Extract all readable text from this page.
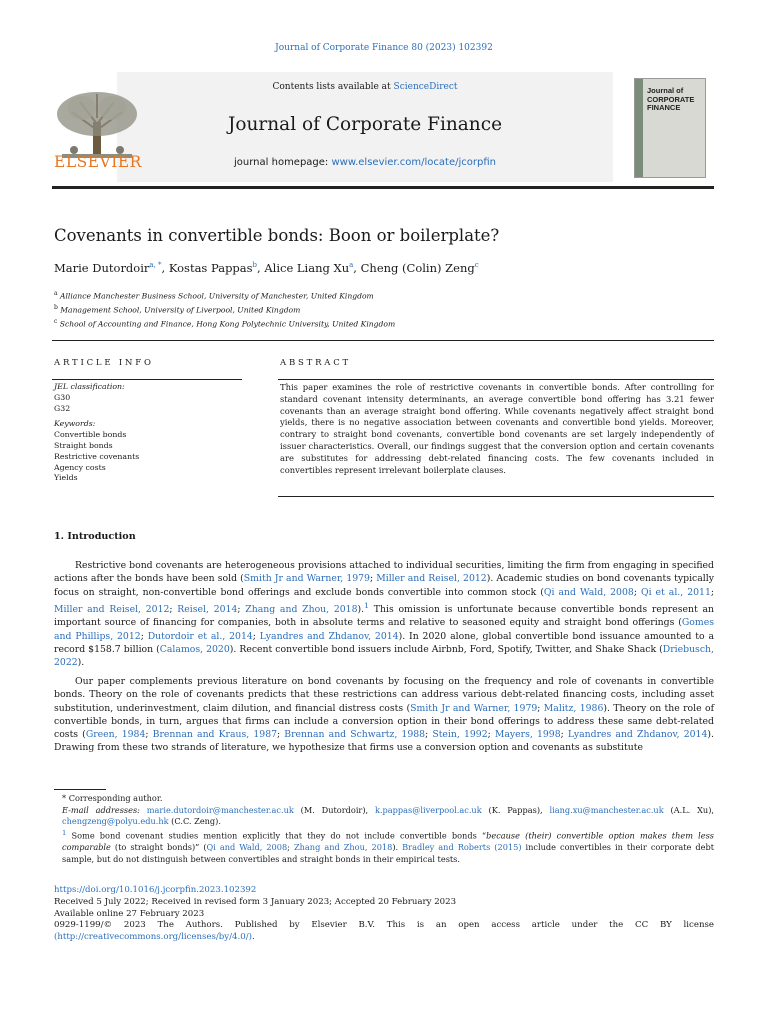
Journal of Corporate Finance 80 (2023) 102392
Contents lists available at ScienceDirect
Journal of Corporate Finance
journal homepage: www.elsevier.com/locate/jcorpfin
ELSEVIER
Journal of CORPORATE FINANCE
Covenants in convertible bonds: Boon or boilerplate?
Marie Dutordoir$^{a, *}$, Kostas Pappas$^b$, Alice Liang Xu$^a$, Cheng (Colin) Zeng$^c$
$^a$ Alliance Manchester Business School, University of Manchester, United Kingdom
$^b$ Management School, University of Liverpool, United Kingdom
$^c$ School of Accounting and Finance, Hong Kong Polytechnic University, United Kingdom
ARTICLE INFO	ABSTRACT
JEL classification:
G30
G32
Keywords:
Convertible bonds
Straight bonds
Restrictive covenants
Agency costs
Yields
This paper examines the role of restrictive covenants in convertible bonds. After controlling for standard covenant intensity determinants, an average convertible bond offering has 3.21 fewer covenants than an average straight bond offering. While covenants negatively affect straight bond yields, there is no negative association between covenants and convertible bond yields. Moreover, contrary to straight bond covenants, convertible bond covenants are set largely independently of issuer characteristics. Overall, our findings suggest that the conversion option and certain covenants are substitutes for addressing debt-related financing costs. The few covenants included in convertibles represent irrelevant boilerplate clauses.
1. Introduction
Restrictive bond covenants are heterogeneous provisions attached to individual securities, limiting the firm from engaging in specified actions after the bonds have been sold (Smith Jr and Warner, 1979; Miller and Reisel, 2012). Academic studies on bond covenants typically focus on straight, non-convertible bond offerings and exclude bonds convertible into common stock (Qi and Wald, 2008; Qi et al., 2011; Miller and Reisel, 2012; Reisel, 2014; Zhang and Zhou, 2018).$^1$ This omission is unfortunate because convertible bonds represent an important source of financing for companies, both in absolute terms and relative to seasoned equity and straight bond offerings (Gomes and Phillips, 2012; Dutordoir et al., 2014; Lyandres and Zhdanov, 2014). In 2020 alone, global convertible bond issuance amounted to a record $158.7 billion (Calamos, 2020). Recent convertible bond issuers include Airbnb, Ford, Spotify, Twitter, and Shake Shack (Driebusch, 2022).
Our paper complements previous literature on bond covenants by focusing on the frequency and role of covenants in convertible bonds. Theory on the role of covenants predicts that these restrictions can address various debt-related financing costs, including asset substitution, underinvestment, claim dilution, and financial distress costs (Smith Jr and Warner, 1979; Malitz, 1986). Theory on the role of convertible bonds, in turn, argues that firms can include a conversion option in their bond offerings to address these same debt-related costs (Green, 1984; Brennan and Kraus, 1987; Brennan and Schwartz, 1988; Stein, 1992; Mayers, 1998; Lyandres and Zhdanov, 2014). Drawing from these two strands of literature, we hypothesize that firms use a conversion option and covenants as substitute
* Corresponding author.
E-mail addresses: marie.dutordoir@manchester.ac.uk (M. Dutordoir), k.pappas@liverpool.ac.uk (K. Pappas), liang.xu@manchester.ac.uk (A.L. Xu), chengzeng@polyu.edu.hk (C.C. Zeng).
$^1$ Some bond covenant studies mention explicitly that they do not include convertible bonds “because (their) convertible option makes them less comparable (to straight bonds)” (Qi and Wald, 2008; Zhang and Zhou, 2018). Bradley and Roberts (2015) include convertibles in their corporate debt sample, but do not distinguish between convertibles and straight bonds in their empirical tests.
https://doi.org/10.1016/j.jcorpfin.2023.102392
Received 5 July 2022; Received in revised form 3 January 2023; Accepted 20 February 2023
Available online 27 February 2023
0929-1199/© 2023 The Authors. Published by Elsevier B.V. This is an open access article under the CC BY license
(http://creativecommons.org/licenses/by/4.0/).
